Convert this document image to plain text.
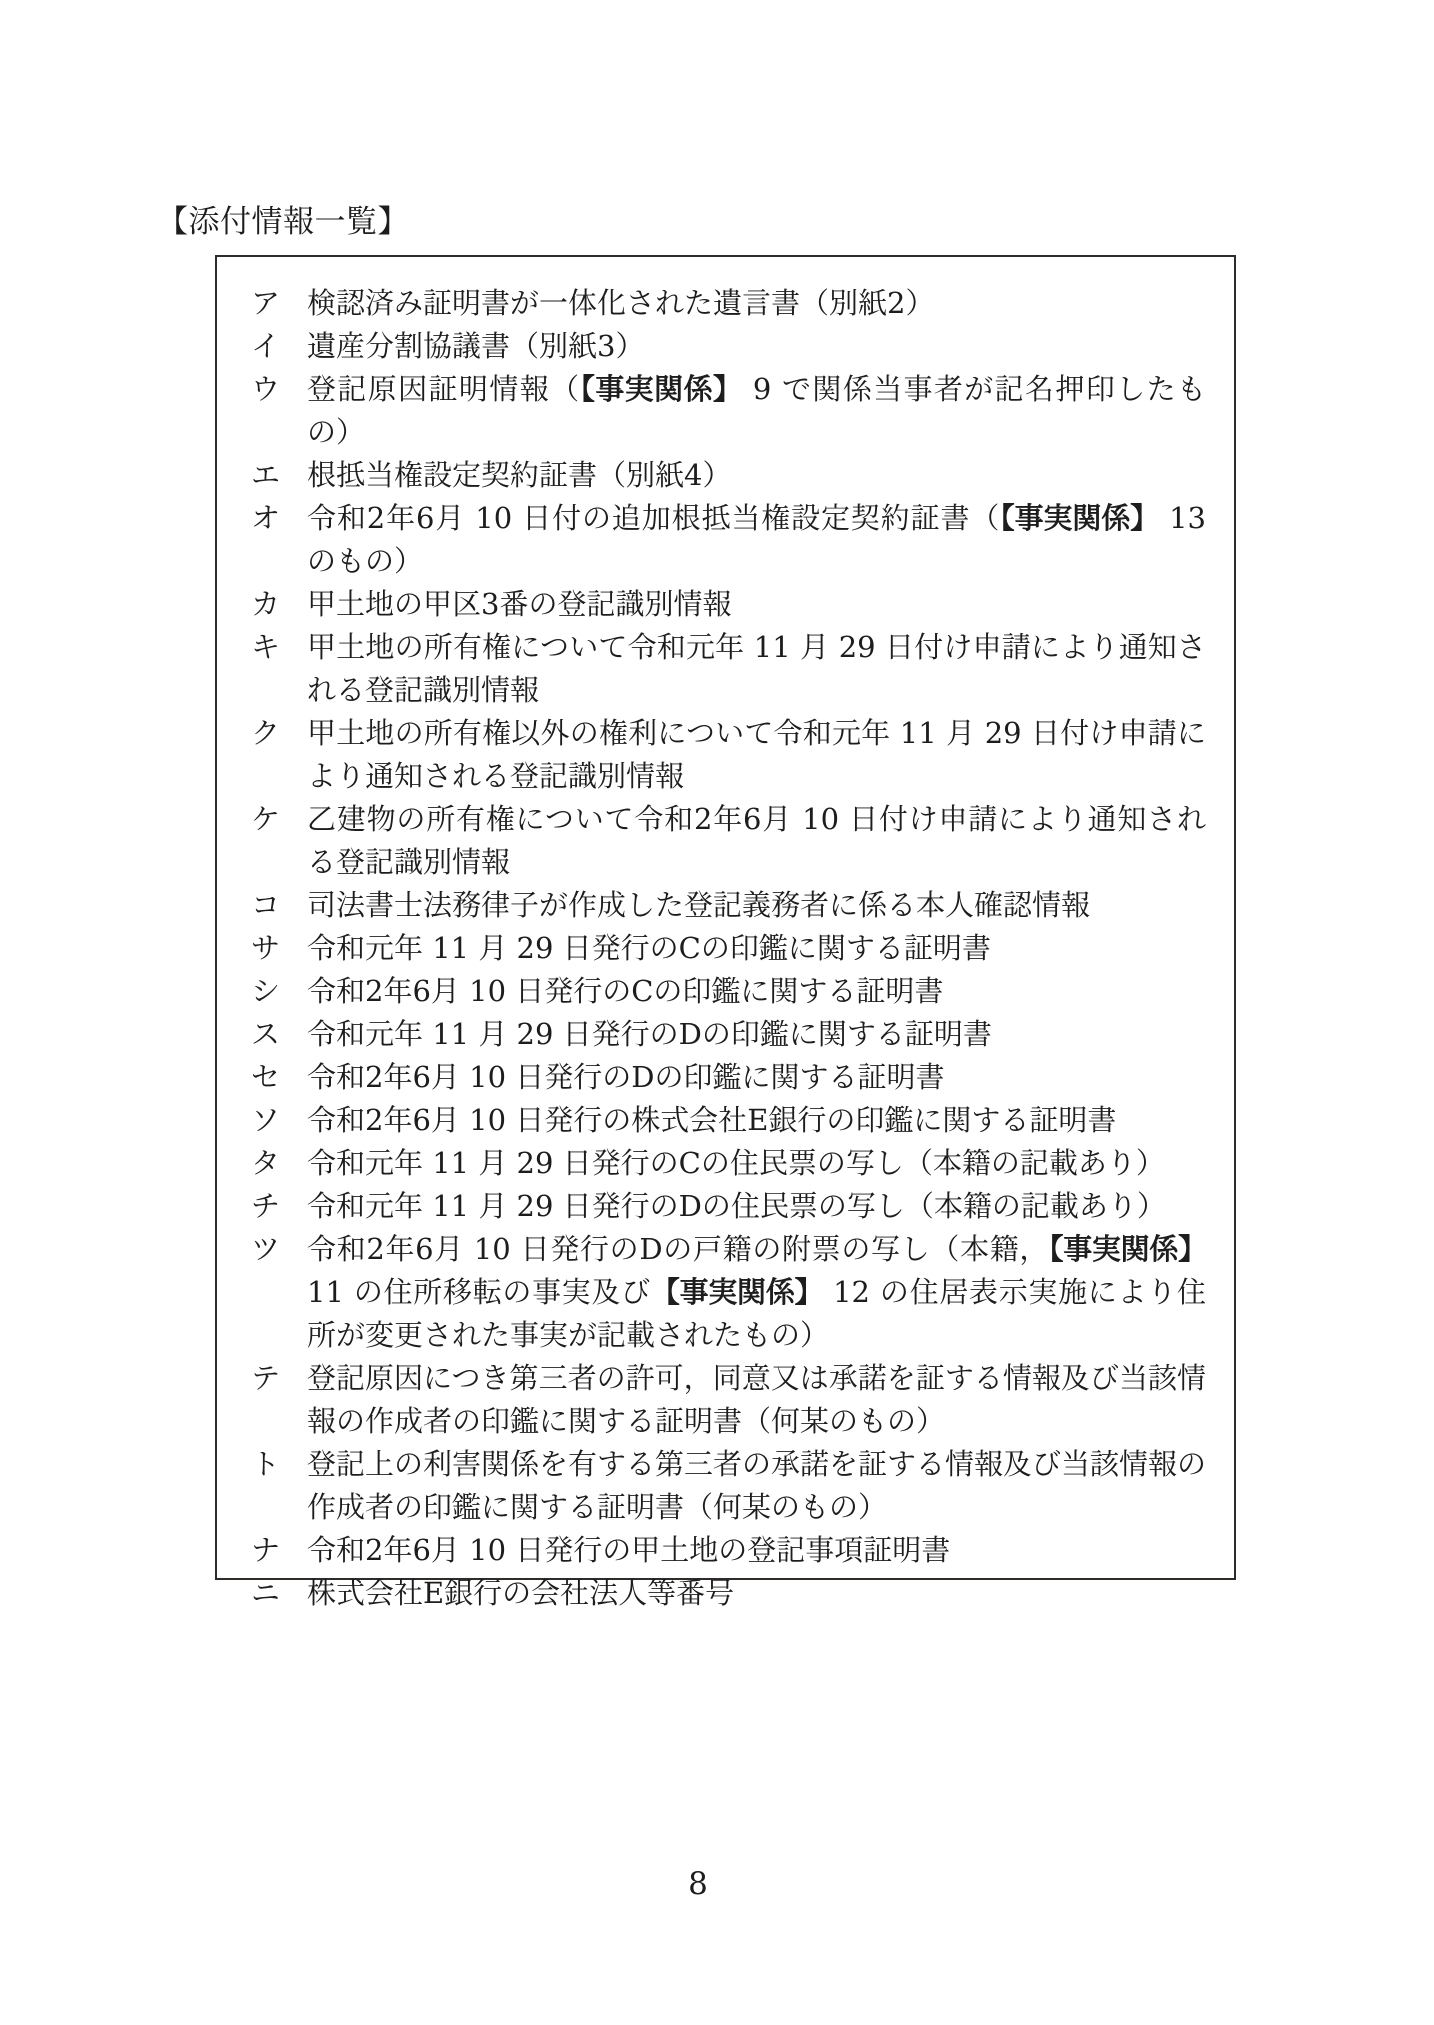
【添付情報一覧】
ア 検認済み証明書が一体化された遺言書（別紙2）
イ 遺産分割協議書（別紙3）
ウ 登記原因証明情報（【事実関係】 9 で関係当事者が記名押印したもの）
エ 根抵当権設定契約証書（別紙4）
オ 令和2年6月 10 日付の追加根抵当権設定契約証書（【事実関係】 13 のもの）
カ 甲土地の甲区3番の登記識別情報
キ 甲土地の所有権について令和元年 11 月 29 日付け申請により通知される登記識別情報
ク 甲土地の所有権以外の権利について令和元年 11 月 29 日付け申請により通知される登記識別情報
ケ 乙建物の所有権について令和2年6月 10 日付け申請により通知される登記識別情報
コ 司法書士法務律子が作成した登記義務者に係る本人確認情報
サ 令和元年 11 月 29 日発行のCの印鑑に関する証明書
シ 令和2年6月 10 日発行のCの印鑑に関する証明書
ス 令和元年 11 月 29 日発行のDの印鑑に関する証明書
セ 令和2年6月 10 日発行のDの印鑑に関する証明書
ソ 令和2年6月 10 日発行の株式会社E銀行の印鑑に関する証明書
タ 令和元年 11 月 29 日発行のCの住民票の写し（本籍の記載あり）
チ 令和元年 11 月 29 日発行のDの住民票の写し（本籍の記載あり）
ツ 令和2年6月 10 日発行のDの戸籍の附票の写し（本籍，【事実関係】11 の住所移転の事実及び【事実関係】 12 の住居表示実施により住所が変更された事実が記載されたもの）
テ 登記原因につき第三者の許可，同意又は承諾を証する情報及び当該情報の作成者の印鑑に関する証明書（何某のもの）
ト 登記上の利害関係を有する第三者の承諾を証する情報及び当該情報の作成者の印鑑に関する証明書（何某のもの）
ナ 令和2年6月 10 日発行の甲土地の登記事項証明書
ニ 株式会社E銀行の会社法人等番号
8
